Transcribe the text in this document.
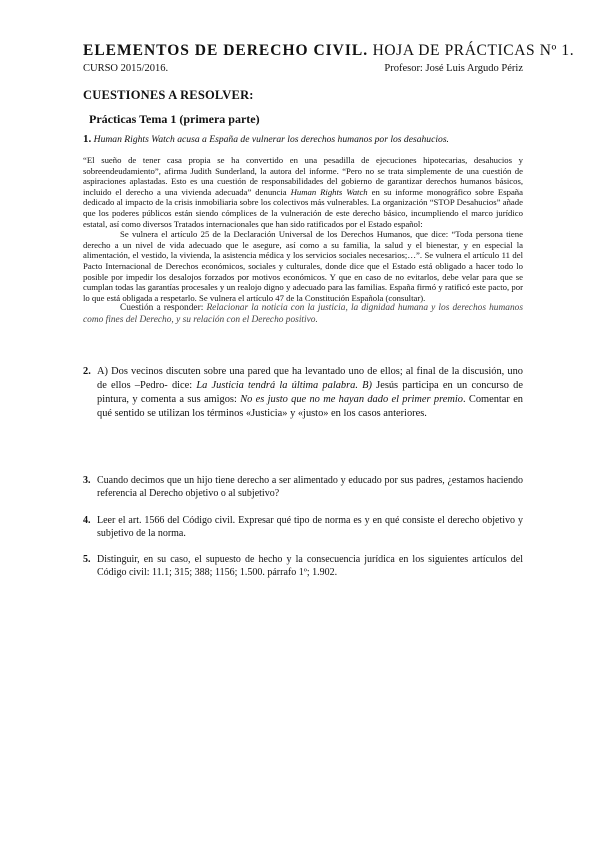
ELEMENTOS DE DERECHO CIVIL. HOJA DE PRÁCTICAS Nº 1.
CURSO 2015/2016.	Profesor: José Luis Argudo Périz
CUESTIONES A RESOLVER:
Prácticas Tema 1 (primera parte)
1. Human Rights Watch acusa a España de vulnerar los derechos humanos por los desahucios.

“El sueño de tener casa propia se ha convertido en una pesadilla de ejecuciones hipotecarias, desahucios y sobreendeudamiento”, afirma Judith Sunderland, la autora del informe. “Pero no se trata simplemente de una cuestión de aspiraciones aplastadas. Esto es una cuestión de responsabilidades del gobierno de garantizar derechos humanos básicos, incluido el derecho a una vivienda adecuada” denuncia Human Rights Watch en su informe monográfico sobre España dedicado al impacto de la crisis inmobiliaria sobre los colectivos más vulnerables. La organización “STOP Desahucios” añade que los poderes públicos están siendo cómplices de la vulneración de este derecho básico, incumpliendo el marco jurídico estatal, así como diversos Tratados internacionales que han sido ratificados por el Estado español:

Se vulnera el artículo 25 de la Declaración Universal de los Derechos Humanos, que dice: “Toda persona tiene derecho a un nivel de vida adecuado que le asegure, así como a su familia, la salud y el bienestar, y en especial la alimentación, el vestido, la vivienda, la asistencia médica y los servicios sociales necesarios;…”. Se vulnera el artículo 11 del Pacto Internacional de Derechos económicos, sociales y culturales, donde dice que el Estado está obligado a hacer todo lo posible por impedir los desalojos forzados por motivos económicos. Y que en caso de no evitarlos, debe velar para que se cumplan todas las garantías procesales y un realojo digno y adecuado para las familias. España firmó y ratificó este pacto, por lo que está obligada a respetarlo. Se vulnera el artículo 47 de la Constitución Española (consultar).

Cuestión a responder: Relacionar la noticia con la justicia, la dignidad humana y los derechos humanos como fines del Derecho, y su relación con el Derecho positivo.

2. A) Dos vecinos discuten sobre una pared que ha levantado uno de ellos; al final de la discusión, uno de ellos –Pedro- dice: La Justicia tendrá la última palabra. B) Jesús participa en un concurso de pintura, y comenta a sus amigos: No es justo que no me hayan dado el primer premio. Comentar en qué sentido se utilizan los términos «Justicia» y «justo» en los casos anteriores.
3. Cuando decimos que un hijo tiene derecho a ser alimentado y educado por sus padres, ¿estamos haciendo referencia al Derecho objetivo o al subjetivo?
4. Leer el art. 1566 del Código civil. Expresar qué tipo de norma es y en qué consiste el derecho objetivo y subjetivo de la norma.
5. Distinguir, en su caso, el supuesto de hecho y la consecuencia jurídica en los siguientes artículos del Código civil: 11.1; 315; 388; 1156; 1.500. párrafo 1º; 1.902.
